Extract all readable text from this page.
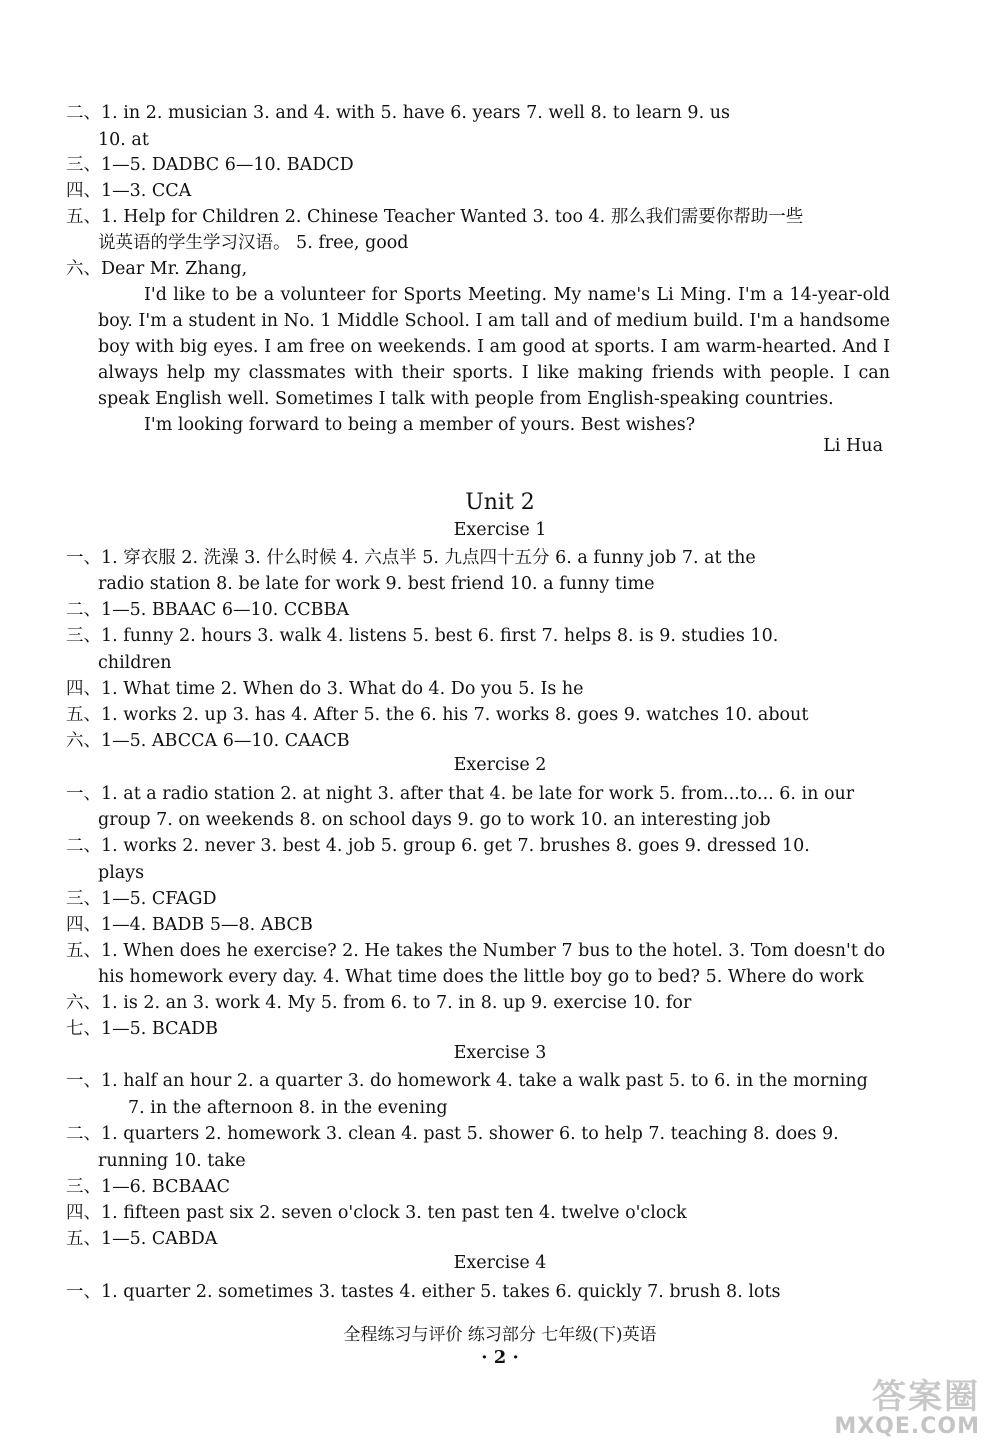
二、1. in 2. musician 3. and 4. with 5. have 6. years 7. well 8. to learn 9. us
10. at
三、1—5. DADBC 6—10. BADCD
四、1—3. CCA
五、1. Help for Children 2. Chinese Teacher Wanted 3. too 4. 那么我们需要你帮助一些
说英语的学生学习汉语。 5. free, good
六、Dear Mr. Zhang,
I'd like to be a volunteer for Sports Meeting. My name's Li Ming. I'm a 14-year-old boy. I'm a student in No. 1 Middle School. I am tall and of medium build. I'm a handsome boy with big eyes. I am free on weekends. I am good at sports. I am warm-hearted. And I always help my classmates with their sports. I like making friends with people. I can speak English well. Sometimes I talk with people from English-speaking countries.
I'm looking forward to being a member of yours. Best wishes?
Li Hua
Unit 2
Exercise 1
一、1. 穿衣服 2. 洗澡 3. 什么时候 4. 六点半 5. 九点四十五分 6. a funny job 7. at the
radio station 8. be late for work 9. best friend 10. a funny time
二、1—5. BBAAC 6—10. CCBBA
三、1. funny 2. hours 3. walk 4. listens 5. best 6. first 7. helps 8. is 9. studies 10.
children
四、1. What time 2. When do 3. What do 4. Do you 5. Is he
五、1. works 2. up 3. has 4. After 5. the 6. his 7. works 8. goes 9. watches 10. about
六、1—5. ABCCA 6—10. CAACB
Exercise 2
一、1. at a radio station 2. at night 3. after that 4. be late for work 5. from...to... 6. in our
group 7. on weekends 8. on school days 9. go to work 10. an interesting job
二、1. works 2. never 3. best 4. job 5. group 6. get 7. brushes 8. goes 9. dressed 10.
plays
三、1—5. CFAGD
四、1—4. BADB 5—8. ABCB
五、1. When does he exercise? 2. He takes the Number 7 bus to the hotel. 3. Tom doesn't do
his homework every day. 4. What time does the little boy go to bed? 5. Where do work
六、1. is 2. an 3. work 4. My 5. from 6. to 7. in 8. up 9. exercise 10. for
七、1—5. BCADB
Exercise 3
一、1. half an hour 2. a quarter 3. do homework 4. take a walk past 5. to 6. in the morning
7. in the afternoon 8. in the evening
二、1. quarters 2. homework 3. clean 4. past 5. shower 6. to help 7. teaching 8. does 9.
running 10. take
三、1—6. BCBAAC
四、1. fifteen past six 2. seven o'clock 3. ten past ten 4. twelve o'clock
五、1—5. CABDA
Exercise 4
一、1. quarter 2. sometimes 3. tastes 4. either 5. takes 6. quickly 7. brush 8. lots
全程练习与评价 练习部分 七年级(下)英语
· 2 ·
答案圈
MXQE.COM
